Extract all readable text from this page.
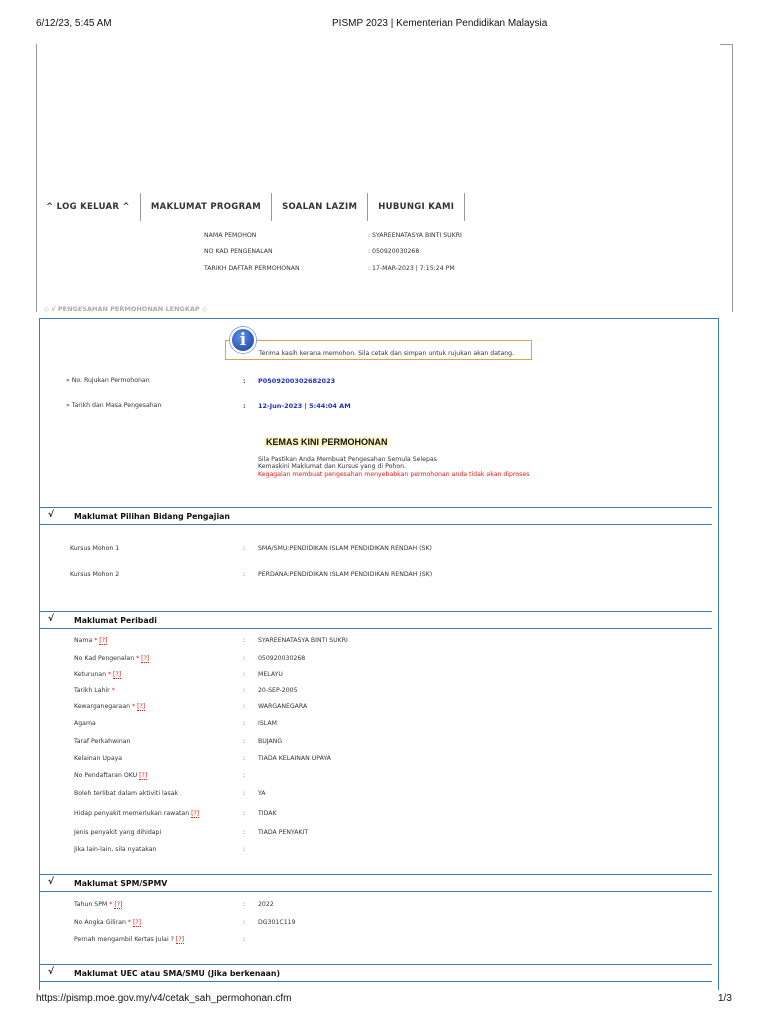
6/12/23, 5:45 AM	PISMP 2023 | Kementerian Pendidikan Malaysia
^ LOG KELUAR ^	MAKLUMAT PROGRAM	SOALAN LAZIM	HUBUNGI KAMI
NAMA PEMOHON	: SYAREENATASYA BINTI SUKRI
NO KAD PENGENALAN	: 050920030268
TARIKH DAFTAR PERMOHONAN	: 17-MAR-2023 | 7:15:24 PM
◇ √ PENGESAHAN PERMOHONAN LENGKAP ◇
Terima kasih kerana memohon. Sila cetak dan simpan untuk rujukan akan datang.
i
» No. Rujukan Permohonan	: P0509200302682023
» Tarikh dan Masa Pengesahan	: 12-Jun-2023 | 5:44:04 AM
KEMAS KINI PERMOHONAN
Sila Pastikan Anda Membuat Pengesahan Semula Selepas
Kemaskini Maklumat dan Kursus yang di Pohon.
Kegagalan membuat pengesahan menyebabkan permohonan anda tidak akan diproses
√	Maklumat Pilihan Bidang Pengajian
Kursus Mohon 1	: SMA/SMU:PENDIDIKAN ISLAM PENDIDIKAN RENDAH (SK)
Kursus Mohon 2	: PERDANA:PENDIDIKAN ISLAM PENDIDIKAN RENDAH (SK)
√	Maklumat Peribadi
Nama * [?]	: SYAREENATASYA BINTI SUKRI
No Kad Pengenalan * [?]	: 050920030268
Keturunan * [?]	: MELAYU
Tarikh Lahir *	: 20-SEP-2005
Kewarganegaraan * [?]	: WARGANEGARA
Agama	: ISLAM
Taraf Perkahwinan	: BUJANG
Kelainan Upaya	: TIADA KELAINAN UPAYA
No Pendaftaran OKU [?]	:
Boleh terlibat dalam aktiviti lasak	: YA
Hidap penyakit memerlukan rawatan [?]	: TIDAK
Jenis penyakit yang dihidapi	: TIADA PENYAKIT
Jika lain-lain, sila nyatakan	:
√	Maklumat SPM/SPMV
Tahun SPM * [?]	: 2022
No Angka Giliran * [?]	: DG301C119
Pernah mengambil Kertas Julai ? [?]	:
√	Maklumat UEC atau SMA/SMU (Jika berkenaan)
https://pismp.moe.gov.my/v4/cetak_sah_permohonan.cfm	1/3
